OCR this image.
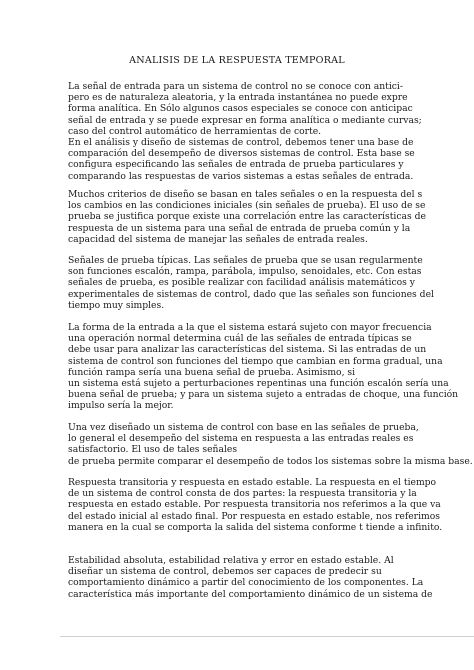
ANALISIS DE LA RESPUESTA TEMPORAL
La señal de entrada para un sistema de control no se conoce con antici-
pero es de naturaleza aleatoria, y la entrada instantánea no puede expre
forma analítica. En Sólo algunos casos especiales se conoce con anticipac
señal de entrada y se puede expresar en forma analítica o mediante curvas;
caso del control automático de herramientas de corte.
En el análisis y diseño de sistemas de control, debemos tener una base de
comparación del desempeño de diversos sistemas de control. Esta base se
configura especificando las señales de entrada de prueba particulares y
comparando las respuestas de varios sistemas a estas señales de entrada.
Muchos criterios de diseño se basan en tales señales o en la respuesta del s
los cambios en las condiciones iniciales (sin señales de prueba). El uso de se
prueba se justifica porque existe una correlación entre las características de
respuesta de un sistema para una señal de entrada de prueba común y la
capacidad del sistema de manejar las señales de entrada reales.
Señales de prueba típicas. Las señales de prueba que se usan regularmente
son funciones escalón, rampa, parábola, impulso, senoidales, etc. Con estas
señales de prueba, es posible realizar con facilidad análisis matemáticos y
experimentales de sistemas de control, dado que las señales son funciones del
tiempo muy simples.
La forma de la entrada a la que el sistema estará sujeto con mayor frecuencia
una operación normal determina cuál de las señales de entrada típicas se
debe usar para analizar las características del sistema. Si las entradas de un
sistema de control son funciones del tiempo que cambian en forma gradual, una
función rampa sería una buena señal de prueba. Asimismo, si
un sistema está sujeto a perturbaciones repentinas una función escalón sería una
buena señal de prueba; y para un sistema sujeto a entradas de choque, una función
impulso sería la mejor.
Una vez diseñado un sistema de control con base en las señales de prueba,
lo general el desempeño del sistema en respuesta a las entradas reales es
satisfactorio. El uso de tales señales
de prueba permite comparar el desempeño de todos los sistemas sobre la misma base.
Respuesta transitoria y respuesta en estado estable. La respuesta en el tiempo
de un sistema de control consta de dos partes: la respuesta transitoria y la
respuesta en estado estable. Por respuesta transitoria nos referimos a la que va
del estado inicial al estado final. Por respuesta en estado estable, nos referimos
manera en la cual se comporta la salida del sistema conforme t tiende a infinito.
Estabilidad absoluta, estabilidad relativa y error en estado estable. Al
diseñar un sistema de control, debemos ser capaces de predecir su
comportamiento dinámico a partir del conocimiento de los componentes. La
característica más importante del comportamiento dinámico de un sistema de
